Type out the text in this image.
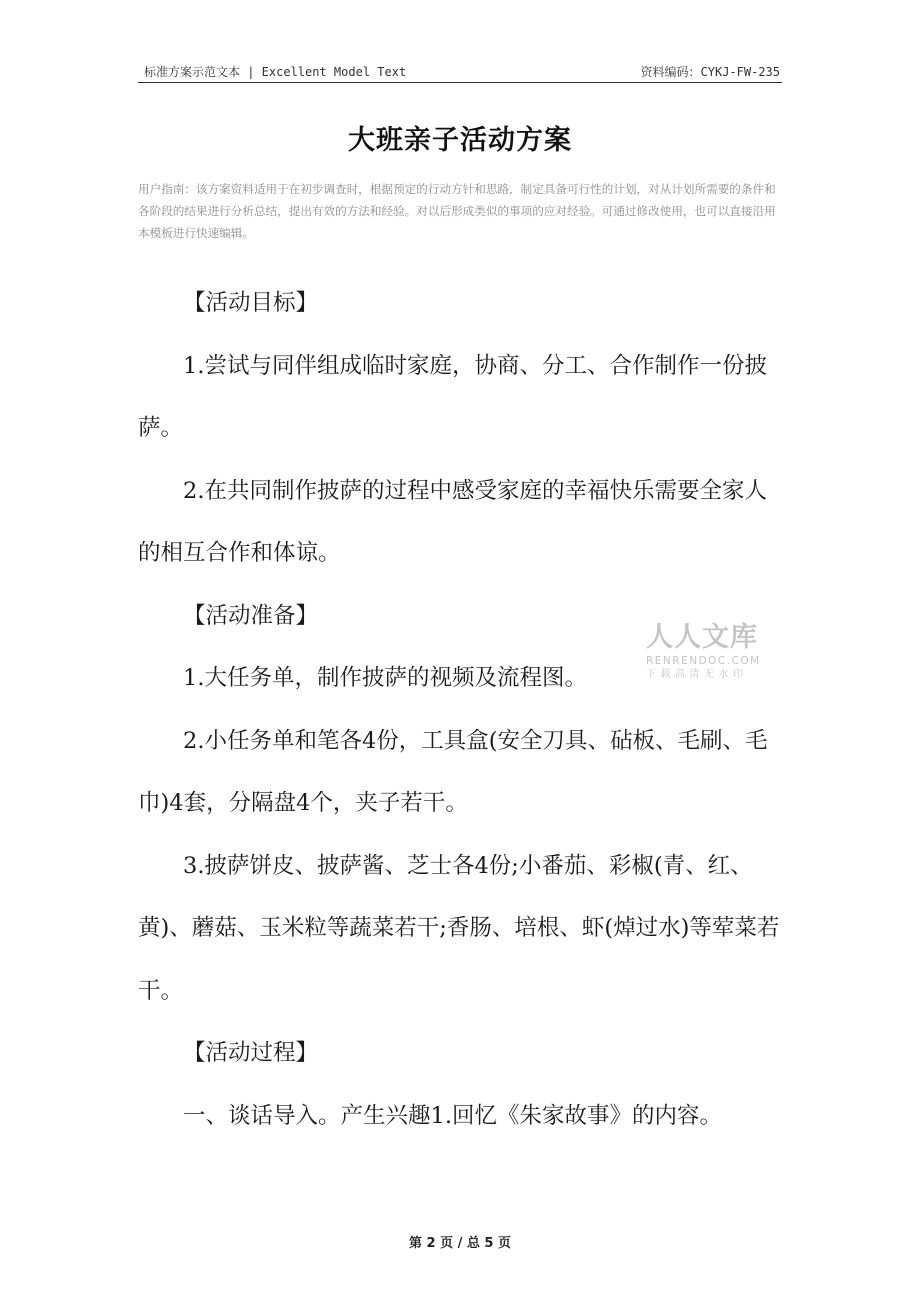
标准方案示范文本 | Excellent Model Text	资料编码：CYKJ-FW-235
大班亲子活动方案
用户指南：该方案资料适用于在初步调查时，根据预定的行动方针和思路，制定具备可行性的计划，对从计划所需要的条件和各阶段的结果进行分析总结，提出有效的方法和经验。对以后形成类似的事项的应对经验。可通过修改使用，也可以直接沿用本模板进行快速编辑。

【活动目标】

1.尝试与同伴组成临时家庭，协商、分工、合作制作一份披萨。

2.在共同制作披萨的过程中感受家庭的幸福快乐需要全家人的相互合作和体谅。

【活动准备】

1.大任务单，制作披萨的视频及流程图。

2.小任务单和笔各4份，工具盒(安全刀具、砧板、毛刷、毛巾)4套，分隔盘4个，夹子若干。

3.披萨饼皮、披萨酱、芝士各4份;小番茄、彩椒(青、红、黄)、蘑菇、玉米粒等蔬菜若干;香肠、培根、虾(焯过水)等荤菜若干。

【活动过程】

一、谈话导入。产生兴趣1.回忆《朱家故事》的内容。

人人文库
RENRENDOC.COM
下载高清无水印
第 2 页 / 总 5 页
